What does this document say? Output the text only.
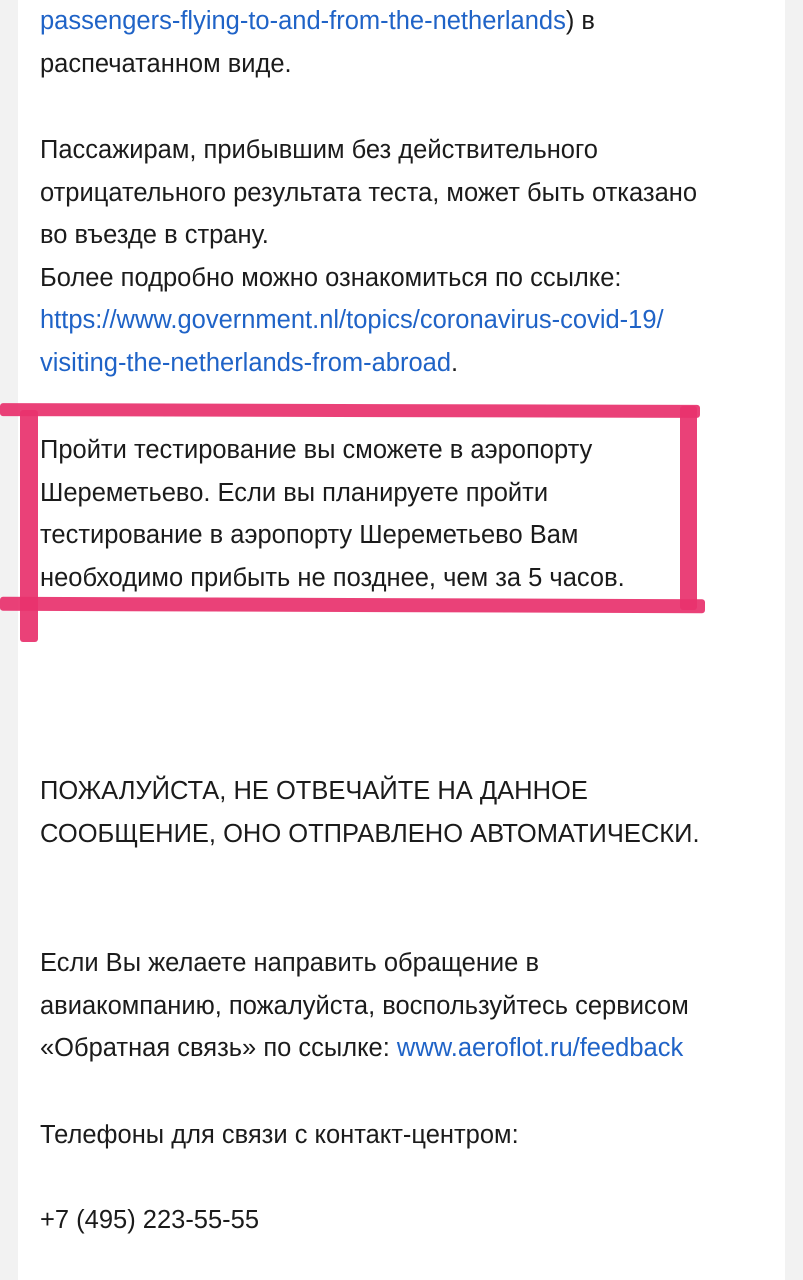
passengers-flying-to-and-from-the-netherlands) в

распечатанном виде.

Пассажирам, прибывшим без действительного

отрицательного результата теста, может быть отказано

во въезде в страну.

Более подробно можно ознакомиться по ссылке:

https://www.government.nl/topics/coronavirus-covid-19/

visiting-the-netherlands-from-abroad.

Пройти тестирование вы сможете в аэропорту

Шереметьево. Если вы планируете пройти

тестирование в аэропорту Шереметьево Вам

необходимо прибыть не позднее, чем за 5 часов.

ПОЖАЛУЙСТА, НЕ ОТВЕЧАЙТЕ НА ДАННОЕ

СООБЩЕНИЕ, ОНО ОТПРАВЛЕНО АВТОМАТИЧЕСКИ.

Если Вы желаете направить обращение в

авиакомпанию, пожалуйста, воспользуйтесь сервисом

«Обратная связь» по ссылке: www.aeroflot.ru/feedback

Телефоны для связи с контакт-центром:

+7 (495) 223-55-55
